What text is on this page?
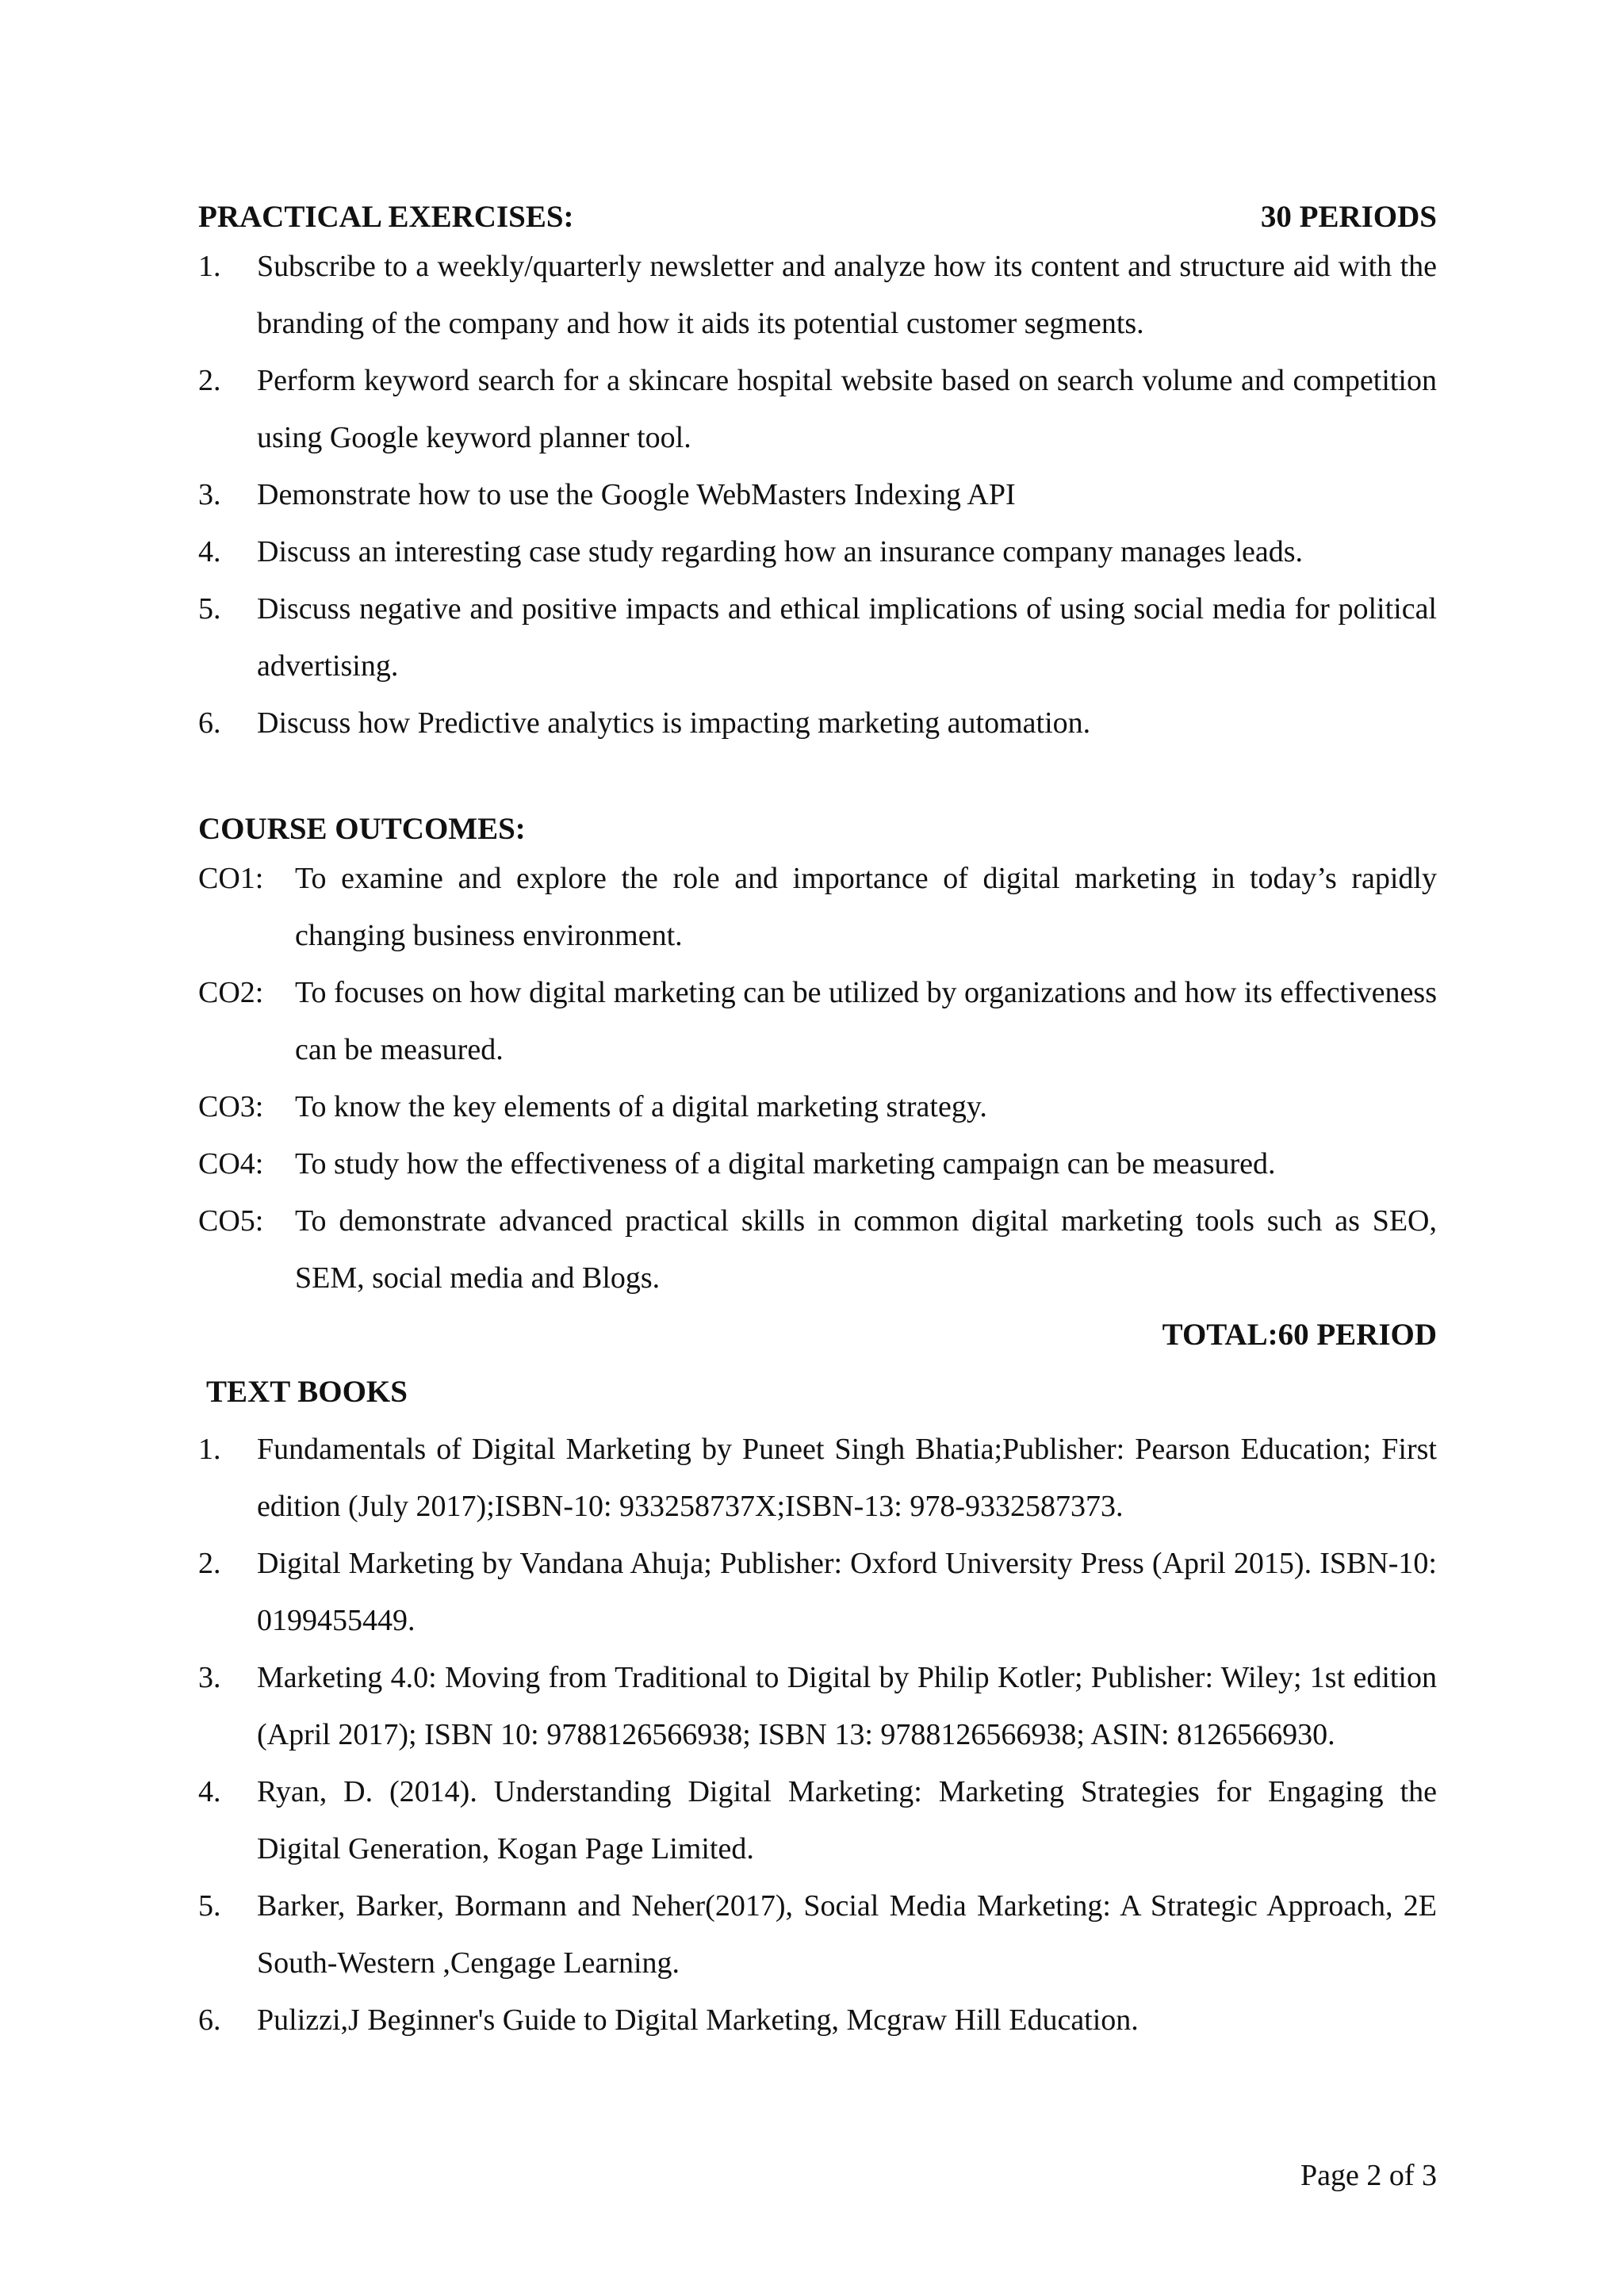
PRACTICAL EXERCISES:	30 PERIODS
1.	Subscribe to a weekly/quarterly newsletter and analyze how its content and structure aid with the branding of the company and how it aids its potential customer segments.
2.	Perform keyword search for a skincare hospital website based on search volume and competition using Google keyword planner tool.
3.	Demonstrate how to use the Google WebMasters Indexing API
4.	Discuss an interesting case study regarding how an insurance company manages leads.
5.	Discuss negative and positive impacts and ethical implications of using social media for political advertising.
6.	Discuss how Predictive analytics is impacting marketing automation.
COURSE OUTCOMES:
CO1:	To examine and explore the role and importance of digital marketing in today’s rapidly changing business environment.
CO2:	To focuses on how digital marketing can be utilized by organizations and how its effectiveness can be measured.
CO3:	To know the key elements of a digital marketing strategy.
CO4:	To study how the effectiveness of a digital marketing campaign can be measured.
CO5:	To demonstrate advanced practical skills in common digital marketing tools such as SEO, SEM, social media and Blogs.
TOTAL:60 PERIOD
TEXT BOOKS
1.	Fundamentals of Digital Marketing by Puneet Singh Bhatia;Publisher: Pearson Education; First edition (July 2017);ISBN-10: 933258737X;ISBN-13: 978-9332587373.
2.	Digital Marketing by Vandana Ahuja; Publisher: Oxford University Press (April 2015). ISBN-10: 0199455449.
3.	Marketing 4.0: Moving from Traditional to Digital by Philip Kotler; Publisher: Wiley; 1st edition (April 2017); ISBN 10: 9788126566938; ISBN 13: 9788126566938; ASIN: 8126566930.
4.	Ryan, D. (2014). Understanding Digital Marketing: Marketing Strategies for Engaging the Digital Generation, Kogan Page Limited.
5.	Barker, Barker, Bormann and Neher(2017), Social Media Marketing: A Strategic Approach, 2E South-Western ,Cengage Learning.
6.	Pulizzi,J Beginner's Guide to Digital Marketing, Mcgraw Hill Education.
Page 2 of 3
